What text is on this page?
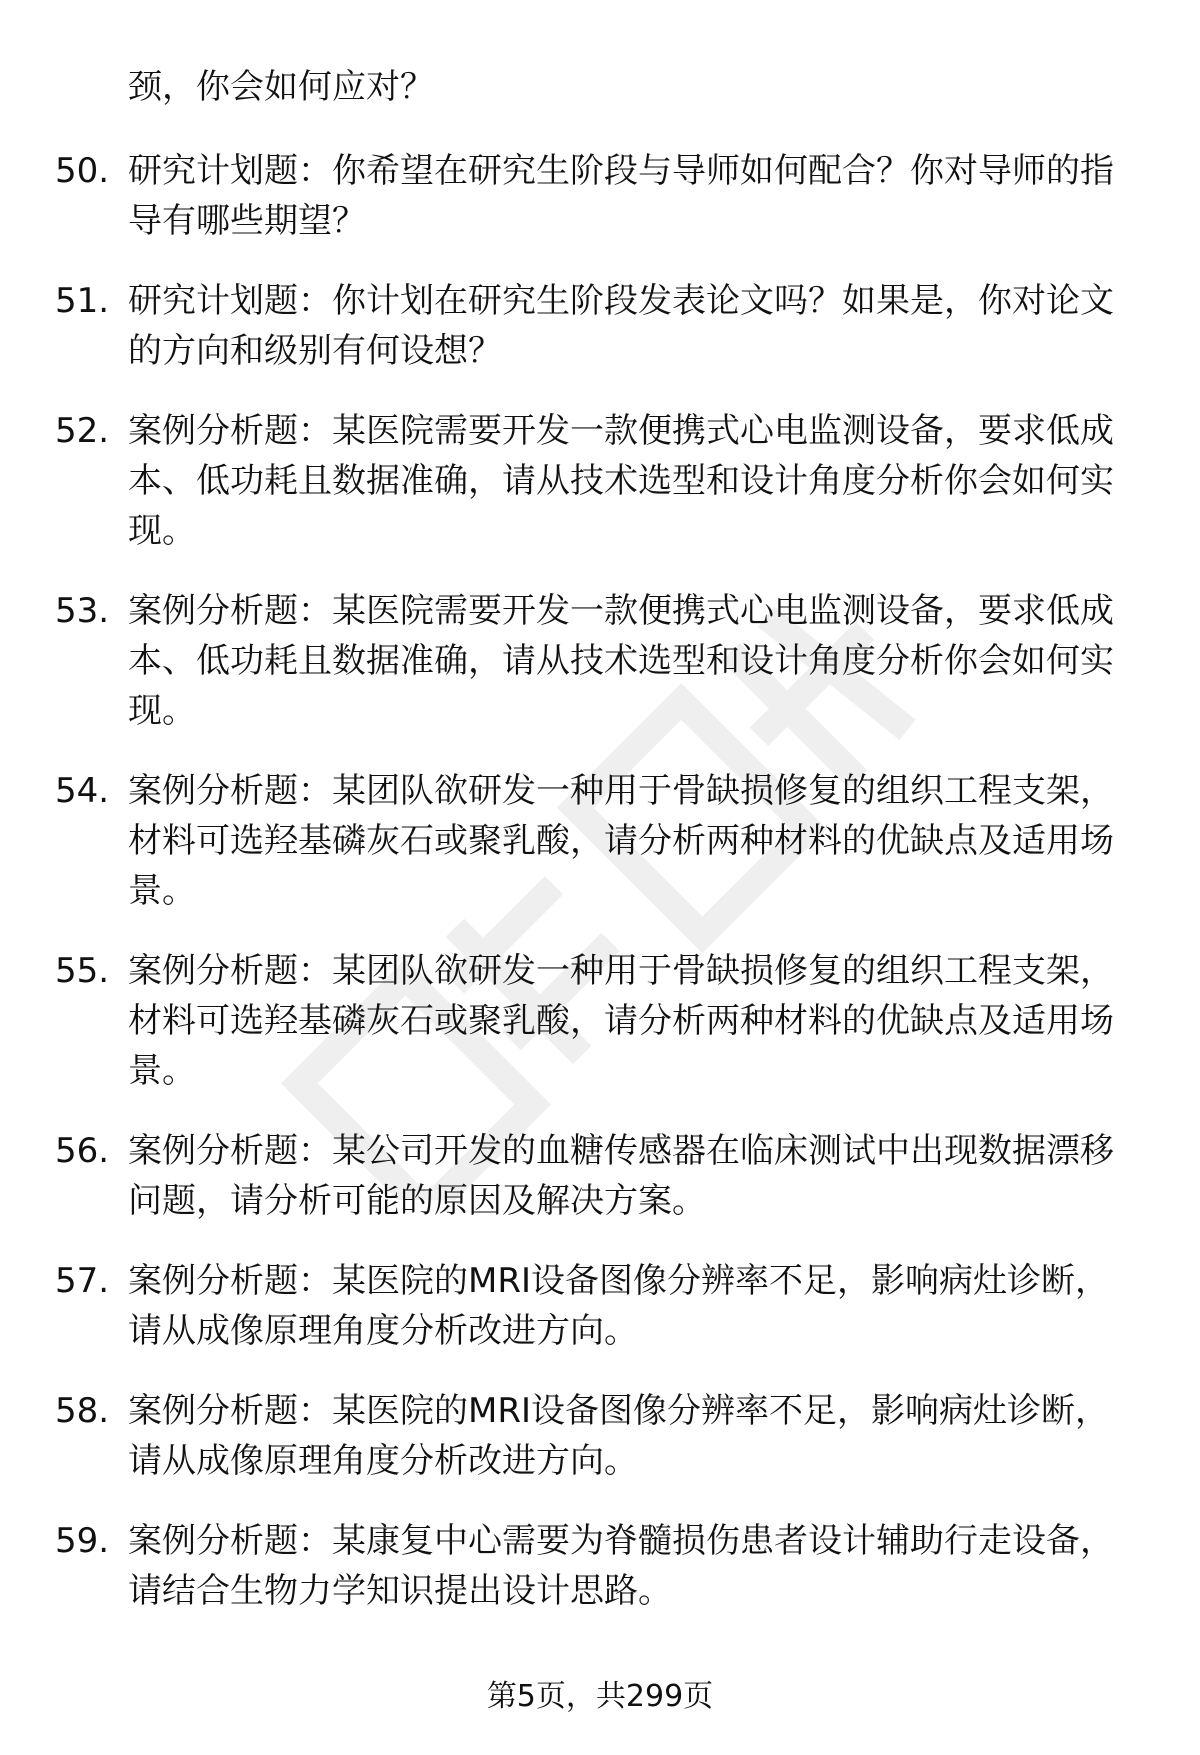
颈，你会如何应对？
50. 研究计划题：你希望在研究生阶段与导师如何配合？你对导师的指导有哪些期望？
51. 研究计划题：你计划在研究生阶段发表论文吗？如果是，你对论文的方向和级别有何设想？
52. 案例分析题：某医院需要开发一款便携式心电监测设备，要求低成本、低功耗且数据准确，请从技术选型和设计角度分析你会如何实现。
53. 案例分析题：某医院需要开发一款便携式心电监测设备，要求低成本、低功耗且数据准确，请从技术选型和设计角度分析你会如何实现。
54. 案例分析题：某团队欲研发一种用于骨缺损修复的组织工程支架，材料可选羟基磷灰石或聚乳酸，请分析两种材料的优缺点及适用场景。
55. 案例分析题：某团队欲研发一种用于骨缺损修复的组织工程支架，材料可选羟基磷灰石或聚乳酸，请分析两种材料的优缺点及适用场景。
56. 案例分析题：某公司开发的血糖传感器在临床测试中出现数据漂移问题，请分析可能的原因及解决方案。
57. 案例分析题：某医院的MRI设备图像分辨率不足，影响病灶诊断，请从成像原理角度分析改进方向。
58. 案例分析题：某医院的MRI设备图像分辨率不足，影响病灶诊断，请从成像原理角度分析改进方向。
59. 案例分析题：某康复中心需要为脊髓损伤患者设计辅助行走设备，请结合生物力学知识提出设计思路。
第5页，共299页
